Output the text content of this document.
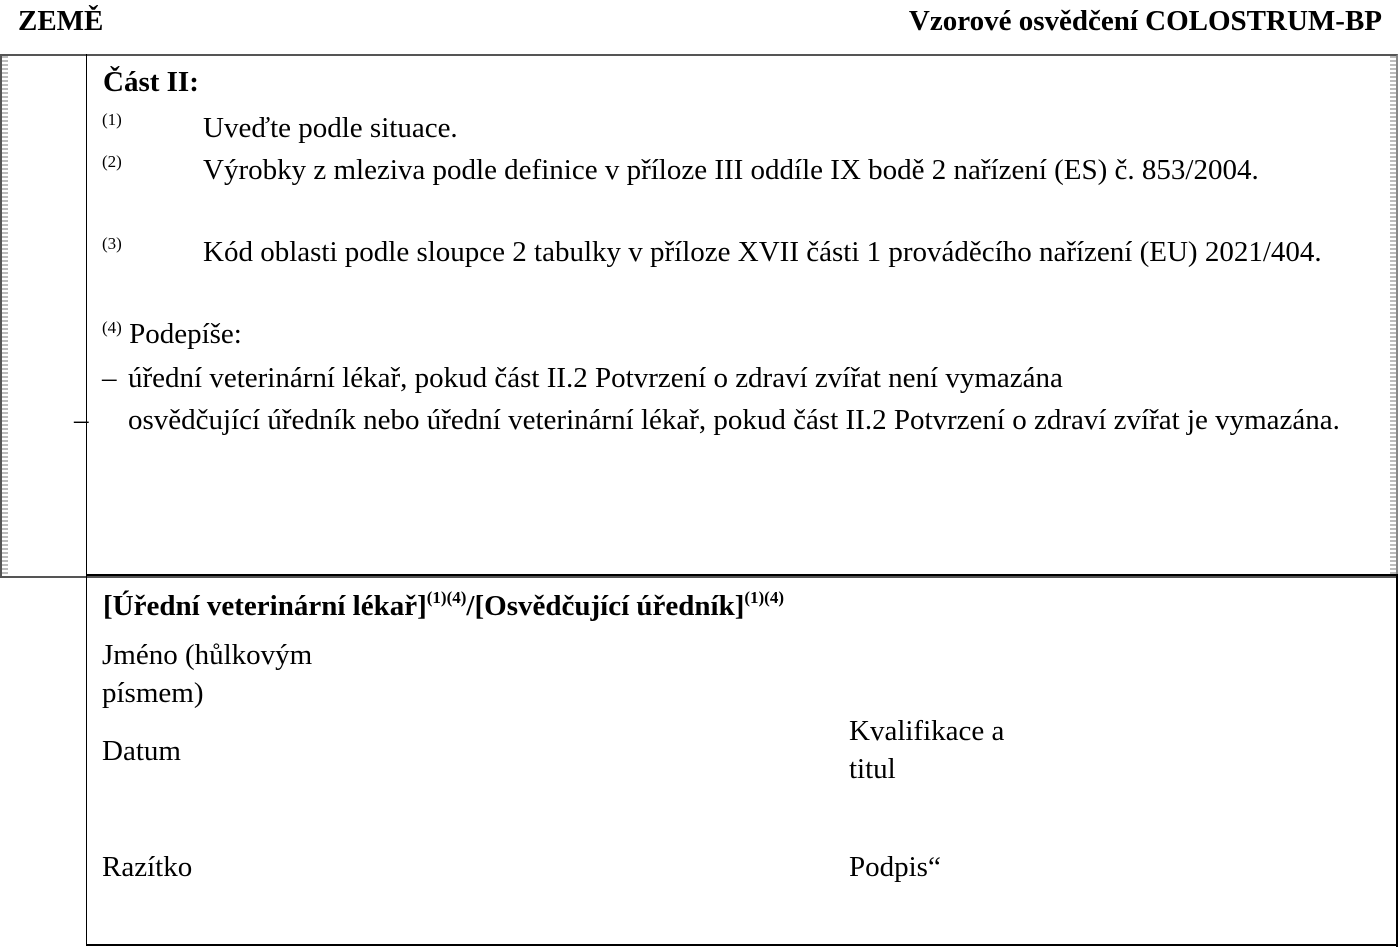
ZEMĚ	Vzorové osvědčení COLOSTRUM-BP
Část II:
(1)	Uveďte podle situace.
(2)	Výrobky z mleziva podle definice v příloze III oddíle IX bodě 2 nařízení (ES) č. 853/2004.
(3)	Kód oblasti podle sloupce 2 tabulky v příloze XVII části 1 prováděcího nařízení (EU) 2021/404.
$^{(4)}$ Podepíše:
– úřední veterinární lékař, pokud část II.2 Potvrzení o zdraví zvířat není vymazána
– osvědčující úředník nebo úřední veterinární lékař, pokud část II.2 Potvrzení o zdraví zvířat je vymazána.
[Úřední veterinární lékař]$^{(1)(4)}$/[Osvědčující úředník]$^{(1)(4)}$
Jméno (hůlkovým písmem)
Datum
Kvalifikace a titul
Razítko	Podpis“
